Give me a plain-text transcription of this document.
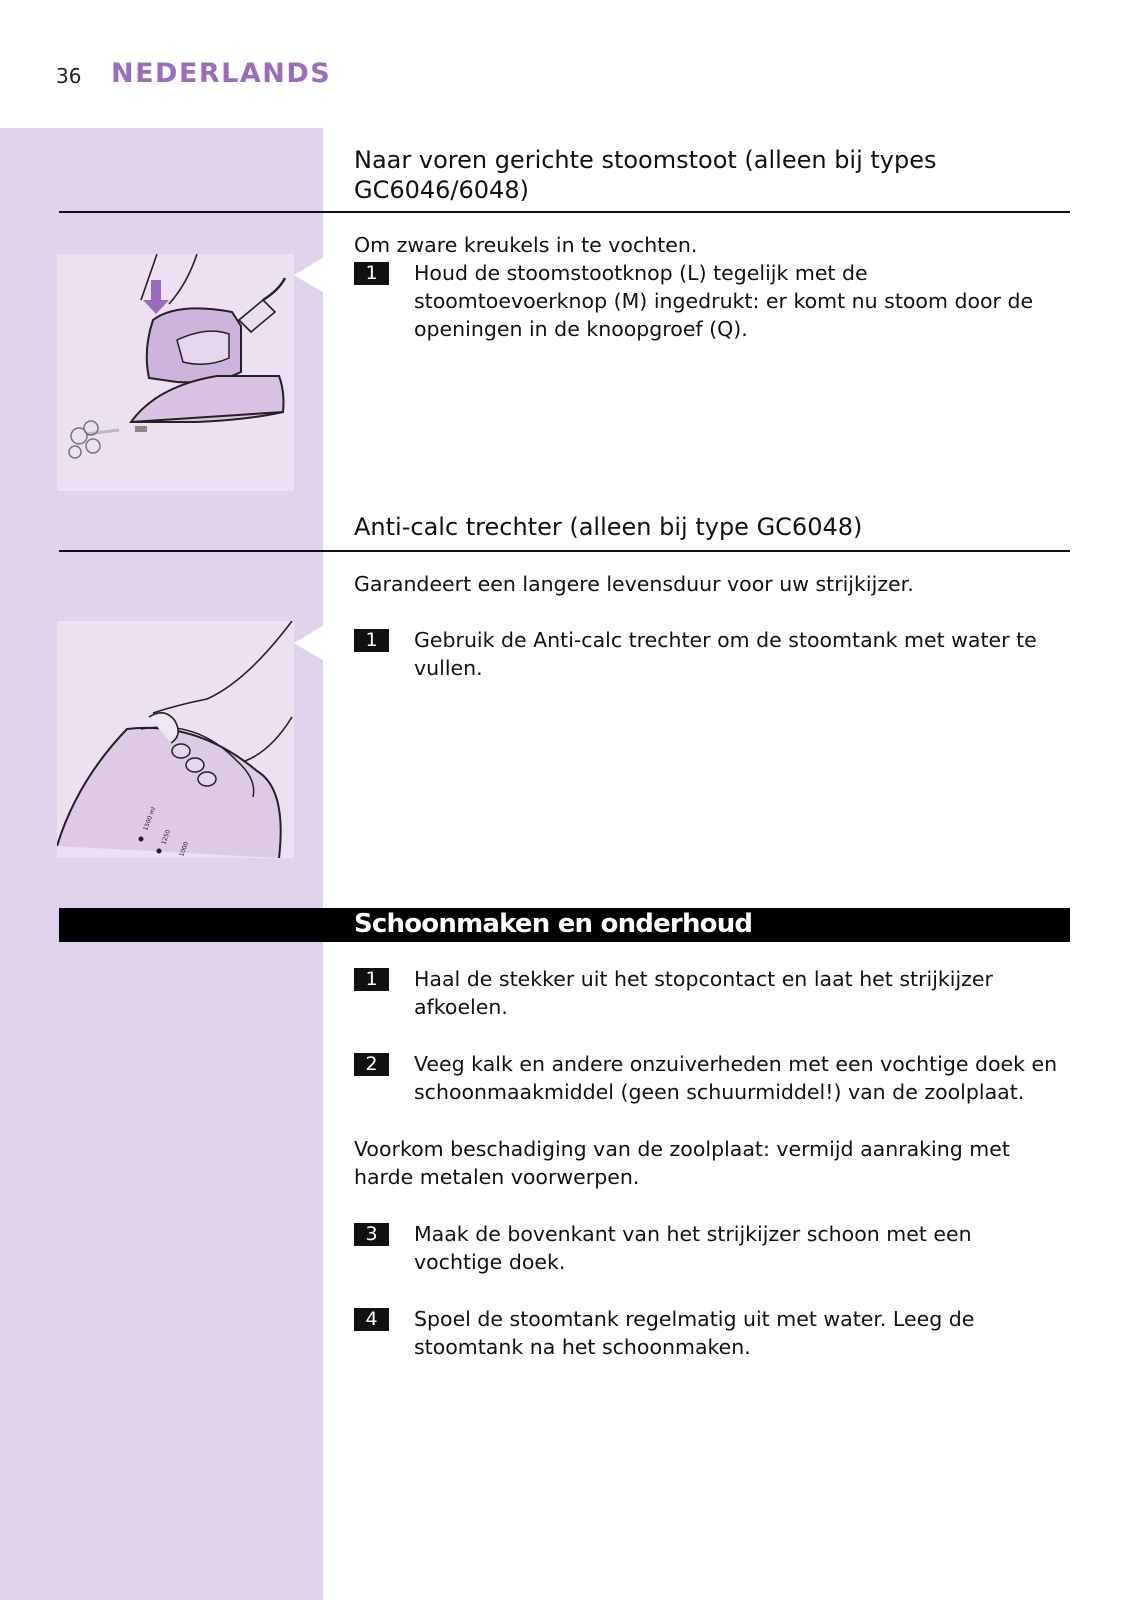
36 NEDERLANDS
Naar voren gerichte stoomstoot (alleen bij types
GC6046/6048)
Om zware kreukels in te vochten.
1	Houd de stoomstootknop (L) tegelijk met de stoomtoevoerknop (M) ingedrukt: er komt nu stoom door de openingen in de knoopgroef (Q).
Anti-calc trechter (alleen bij type GC6048)
1500 ml
1250
1000
Garandeert een langere levensduur voor uw strijkijzer.
1	Gebruik de Anti-calc trechter om de stoomtank met water te vullen.
Schoonmaken en onderhoud
1	Haal de stekker uit het stopcontact en laat het strijkijzer afkoelen.
2	Veeg kalk en andere onzuiverheden met een vochtige doek en schoonmaakmiddel (geen schuurmiddel!) van de zoolplaat.
Voorkom beschadiging van de zoolplaat: vermijd aanraking met harde metalen voorwerpen.
3	Maak de bovenkant van het strijkijzer schoon met een vochtige doek.
4	Spoel de stoomtank regelmatig uit met water. Leeg de stoomtank na het schoonmaken.
